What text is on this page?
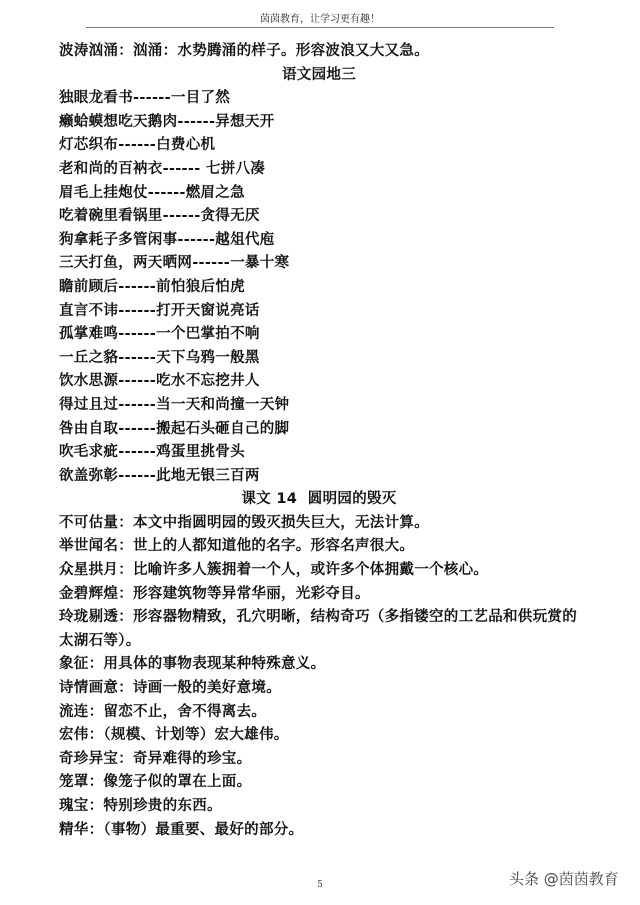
茵茵教育，让学习更有趣！
波涛汹涌：汹涌：水势腾涌的样子。形容波浪又大又急。
语文园地三
独眼龙看书------一目了然
癞蛤蟆想吃天鹅肉------异想天开
灯芯织布------白费心机
老和尚的百衲衣------ 七拼八凑
眉毛上挂炮仗------燃眉之急
吃着碗里看锅里------贪得无厌
狗拿耗子多管闲事------越俎代庖
三天打鱼，两天晒网------一暴十寒
瞻前顾后------前怕狼后怕虎
直言不讳------打开天窗说亮话
孤掌难鸣------一个巴掌拍不响
一丘之貉------天下乌鸦一般黑
饮水思源------吃水不忘挖井人
得过且过------当一天和尚撞一天钟
咎由自取------搬起石头砸自己的脚
吹毛求疵------鸡蛋里挑骨头
欲盖弥彰------此地无银三百两
课文 14  圆明园的毁灭
不可估量：本文中指圆明园的毁灭损失巨大，无法计算。
举世闻名：世上的人都知道他的名字。形容名声很大。
众星拱月：比喻许多人簇拥着一个人，或许多个体拥戴一个核心。
金碧辉煌：形容建筑物等异常华丽，光彩夺目。
玲珑剔透：形容器物精致，孔穴明晰，结构奇巧（多指镂空的工艺品和供玩赏的太湖石等）。
象征：用具体的事物表现某种特殊意义。
诗情画意：诗画一般的美好意境。
流连：留恋不止，舍不得离去。
宏伟：（规模、计划等）宏大雄伟。
奇珍异宝：奇异难得的珍宝。
笼罩：像笼子似的罩在上面。
瑰宝：特别珍贵的东西。
精华：（事物）最重要、最好的部分。
5	头条 @茵茵教育
